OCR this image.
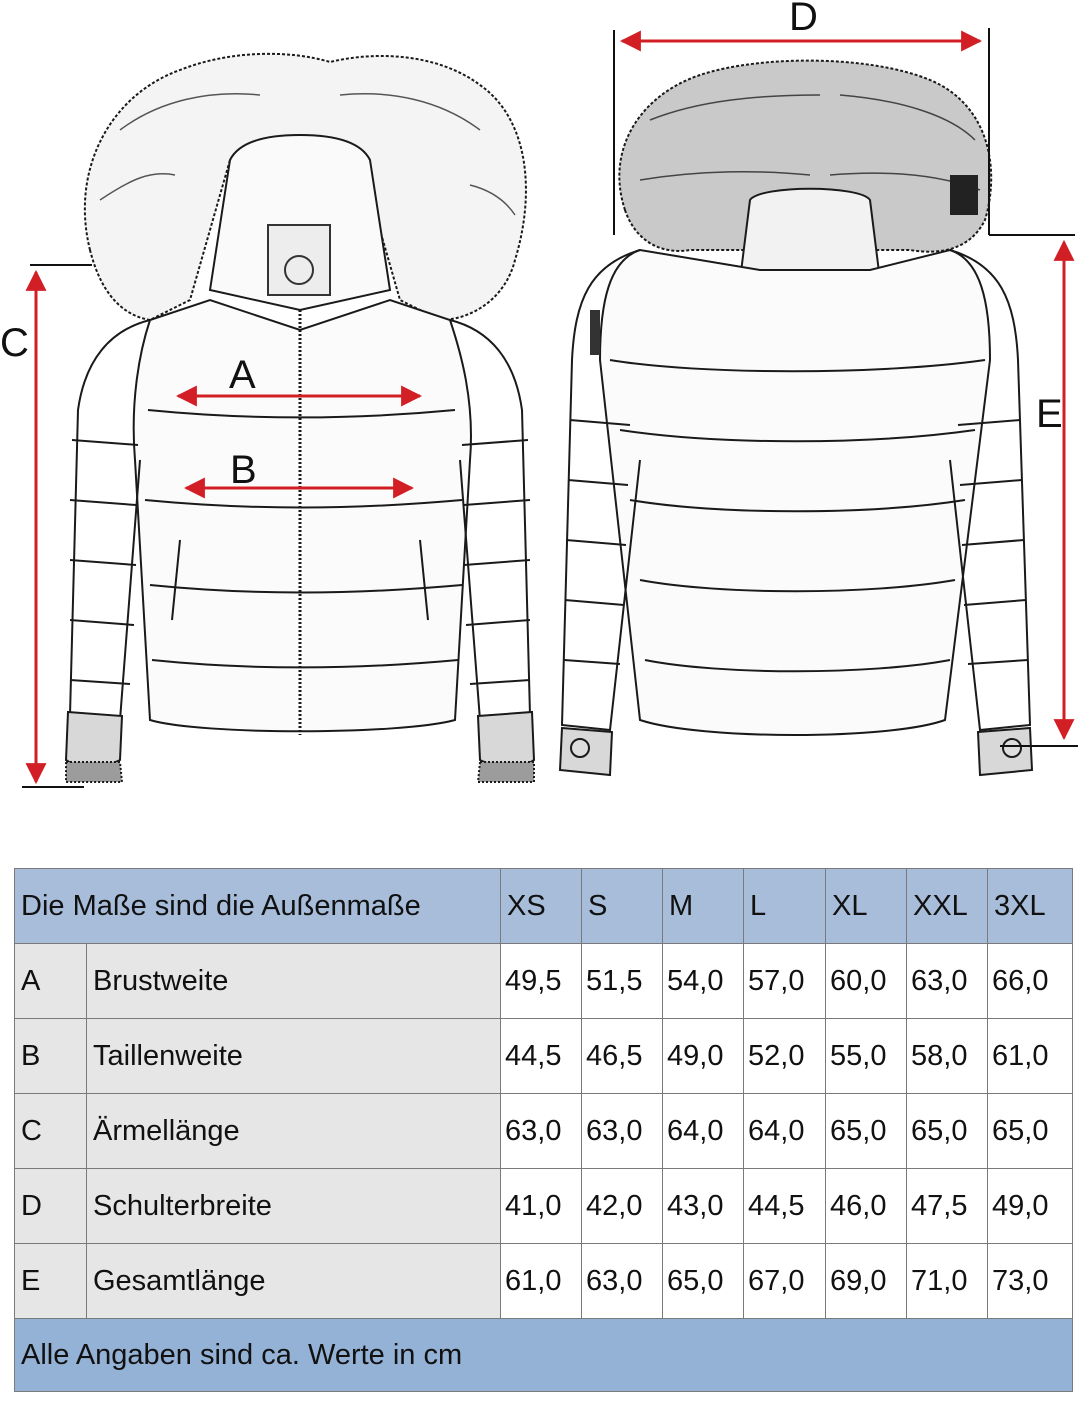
A
B
C
D
E
Die Maße sind die Außenmaße		XS	S	M	L	XL	XXL	3XL
A	Brustweite	49,5	51,5	54,0	57,0	60,0	63,0	66,0
B	Taillenweite	44,5	46,5	49,0	52,0	55,0	58,0	61,0
C	Ärmellänge	63,0	63,0	64,0	64,0	65,0	65,0	65,0
D	Schulterbreite	41,0	42,0	43,0	44,5	46,0	47,5	49,0
E	Gesamtlänge	61,0	63,0	65,0	67,0	69,0	71,0	73,0
Alle Angaben sind ca. Werte in cm								
